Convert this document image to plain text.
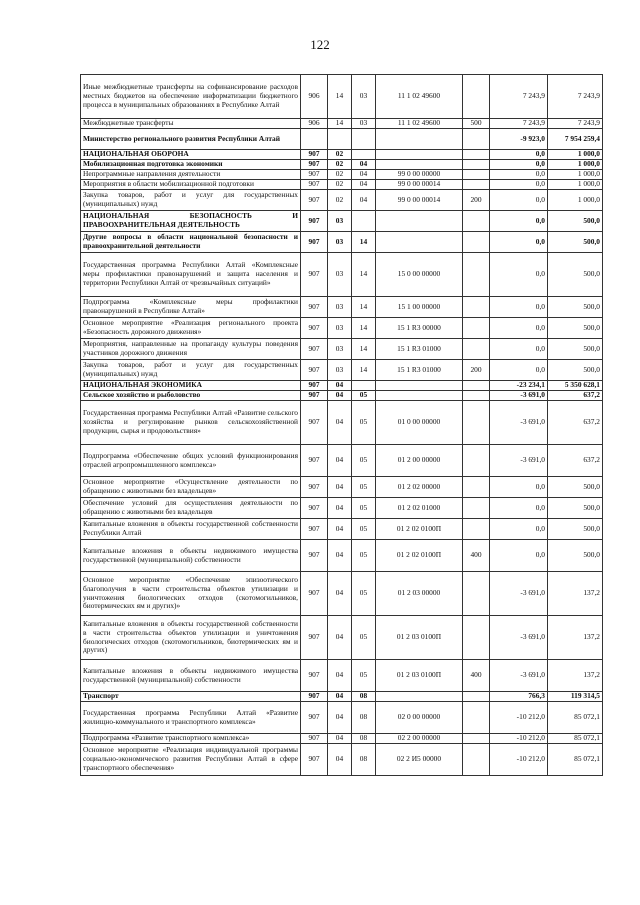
122
Иные межбюджетные трансферты на софинансирование расходов местных бюджетов на обеспечение информатизации бюджетного процесса в муниципальных образованиях в Республике Алтай	906	14	03	11 1 02 49600		7 243,9	7 243,9
Межбюджетные трансферты	906	14	03	11 1 02 49600	500	7 243,9	7 243,9
Министерство регионального развития Республики Алтай						-9 923,0	7 954 259,4
НАЦИОНАЛЬНАЯ ОБОРОНА	907	02				0,0	1 000,0
Мобилизационная подготовка экономики	907	02	04			0,0	1 000,0
Непрограммные направления деятельности	907	02	04	99 0 00 00000		0,0	1 000,0
Мероприятия в области мобилизационной подготовки	907	02	04	99 0 00 00014		0,0	1 000,0
Закупка товаров, работ и услуг для государственных (муниципальных) нужд	907	02	04	99 0 00 00014	200	0,0	1 000,0
НАЦИОНАЛЬНАЯ БЕЗОПАСНОСТЬ И ПРАВООХРАНИТЕЛЬНАЯ ДЕЯТЕЛЬНОСТЬ	907	03				0,0	500,0
Другие вопросы в области национальной безопасности и правоохранительной деятельности	907	03	14			0,0	500,0
Государственная программа Республики Алтай «Комплексные меры профилактики правонарушений и защита населения и территории Республики Алтай от чрезвычайных ситуаций»	907	03	14	15 0 00 00000		0,0	500,0
Подпрограмма «Комплексные меры профилактики правонарушений в Республике Алтай»	907	03	14	15 1 00 00000		0,0	500,0
Основное мероприятие «Реализация регионального проекта «Безопасность дорожного движения»	907	03	14	15 1 R3 00000		0,0	500,0
Мероприятия, направленные на пропаганду культуры поведения участников дорожного движения	907	03	14	15 1 R3 01000		0,0	500,0
Закупка товаров, работ и услуг для государственных (муниципальных) нужд	907	03	14	15 1 R3 01000	200	0,0	500,0
НАЦИОНАЛЬНАЯ ЭКОНОМИКА	907	04				-23 234,1	5 350 628,1
Сельское хозяйство и рыболовство	907	04	05			-3 691,0	637,2
Государственная программа Республики Алтай «Развитие сельского хозяйства и регулирование рынков сельскохозяйственной продукции, сырья и продовольствия»	907	04	05	01 0 00 00000		-3 691,0	637,2
Подпрограмма «Обеспечение общих условий функционирования отраслей агропромышленного комплекса»	907	04	05	01 2 00 00000		-3 691,0	637,2
Основное мероприятие «Осуществление деятельности по обращению с животными без владельцев»	907	04	05	01 2 02 00000		0,0	500,0
Обеспечение условий для осуществления деятельности по обращению с животными без владельцев	907	04	05	01 2 02 01000		0,0	500,0
Капитальные вложения в объекты государственной собственности Республики Алтай	907	04	05	01 2 02 0100П		0,0	500,0
Капитальные вложения в объекты недвижимого имущества государственной (муниципальной) собственности	907	04	05	01 2 02 0100П	400	0,0	500,0
Основное мероприятие «Обеспечение эпизоотического благополучия в части строительства объектов утилизации и уничтожения биологических отходов (скотомогильников, биотермических ям и других)»	907	04	05	01 2 03 00000		-3 691,0	137,2
Капитальные вложения в объекты государственной собственности в части строительства объектов утилизации и уничтожения биологических отходов (скотомогильников, биотермических ям и других)	907	04	05	01 2 03 0100П		-3 691,0	137,2
Капитальные вложения в объекты недвижимого имущества государственной (муниципальной) собственности	907	04	05	01 2 03 0100П	400	-3 691,0	137,2
Транспорт	907	04	08			766,3	119 314,5
Государственная программа Республики Алтай «Развитие жилищно-коммунального и транспортного комплекса»	907	04	08	02 0 00 00000		-10 212,0	85 072,1
Подпрограмма «Развитие транспортного комплекса»	907	04	08	02 2 00 00000		-10 212,0	85 072,1
Основное мероприятие «Реализация индивидуальной программы социально-экономического развития Республики Алтай в сфере транспортного обеспечения»	907	04	08	02 2 И5 00000		-10 212,0	85 072,1
